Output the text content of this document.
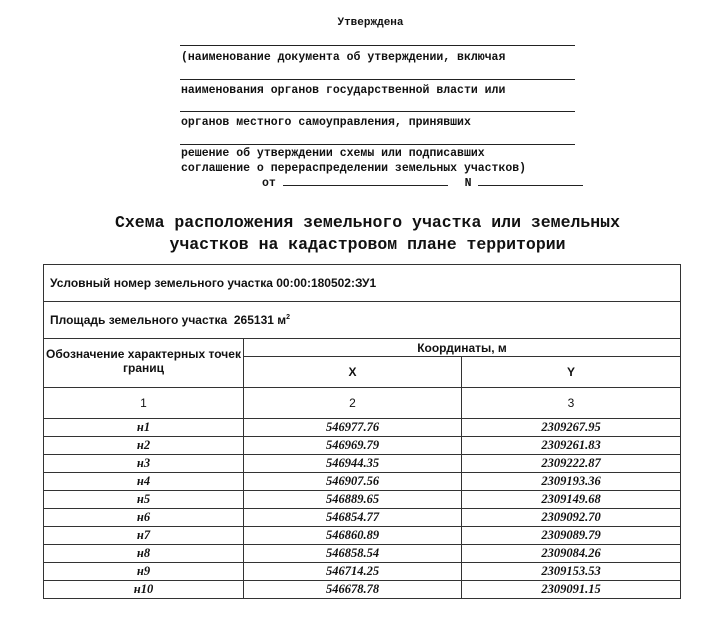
Утверждена
(наименование документа об утверждении, включая
наименования органов государственной власти или
органов местного самоуправления, принявших
решение об утверждении схемы или подписавших
соглашение о перераспределении земельных участков)
от	N
Схема расположения земельного участка или земельных
участков на кадастровом плане территории
Условный номер земельного участка 00:00:180502:ЗУ1		
Площадь земельного участка 265131 $м^2$
Обозначение характерных точек границ	Координаты, м	
	X	Y
1	2	3
н1	546977.76	2309267.95
н2	546969.79	2309261.83
н3	546944.35	2309222.87
н4	546907.56	2309193.36
н5	546889.65	2309149.68
н6	546854.77	2309092.70
н7	546860.89	2309089.79
н8	546858.54	2309084.26
н9	546714.25	2309153.53
н10	546678.78	2309091.15
